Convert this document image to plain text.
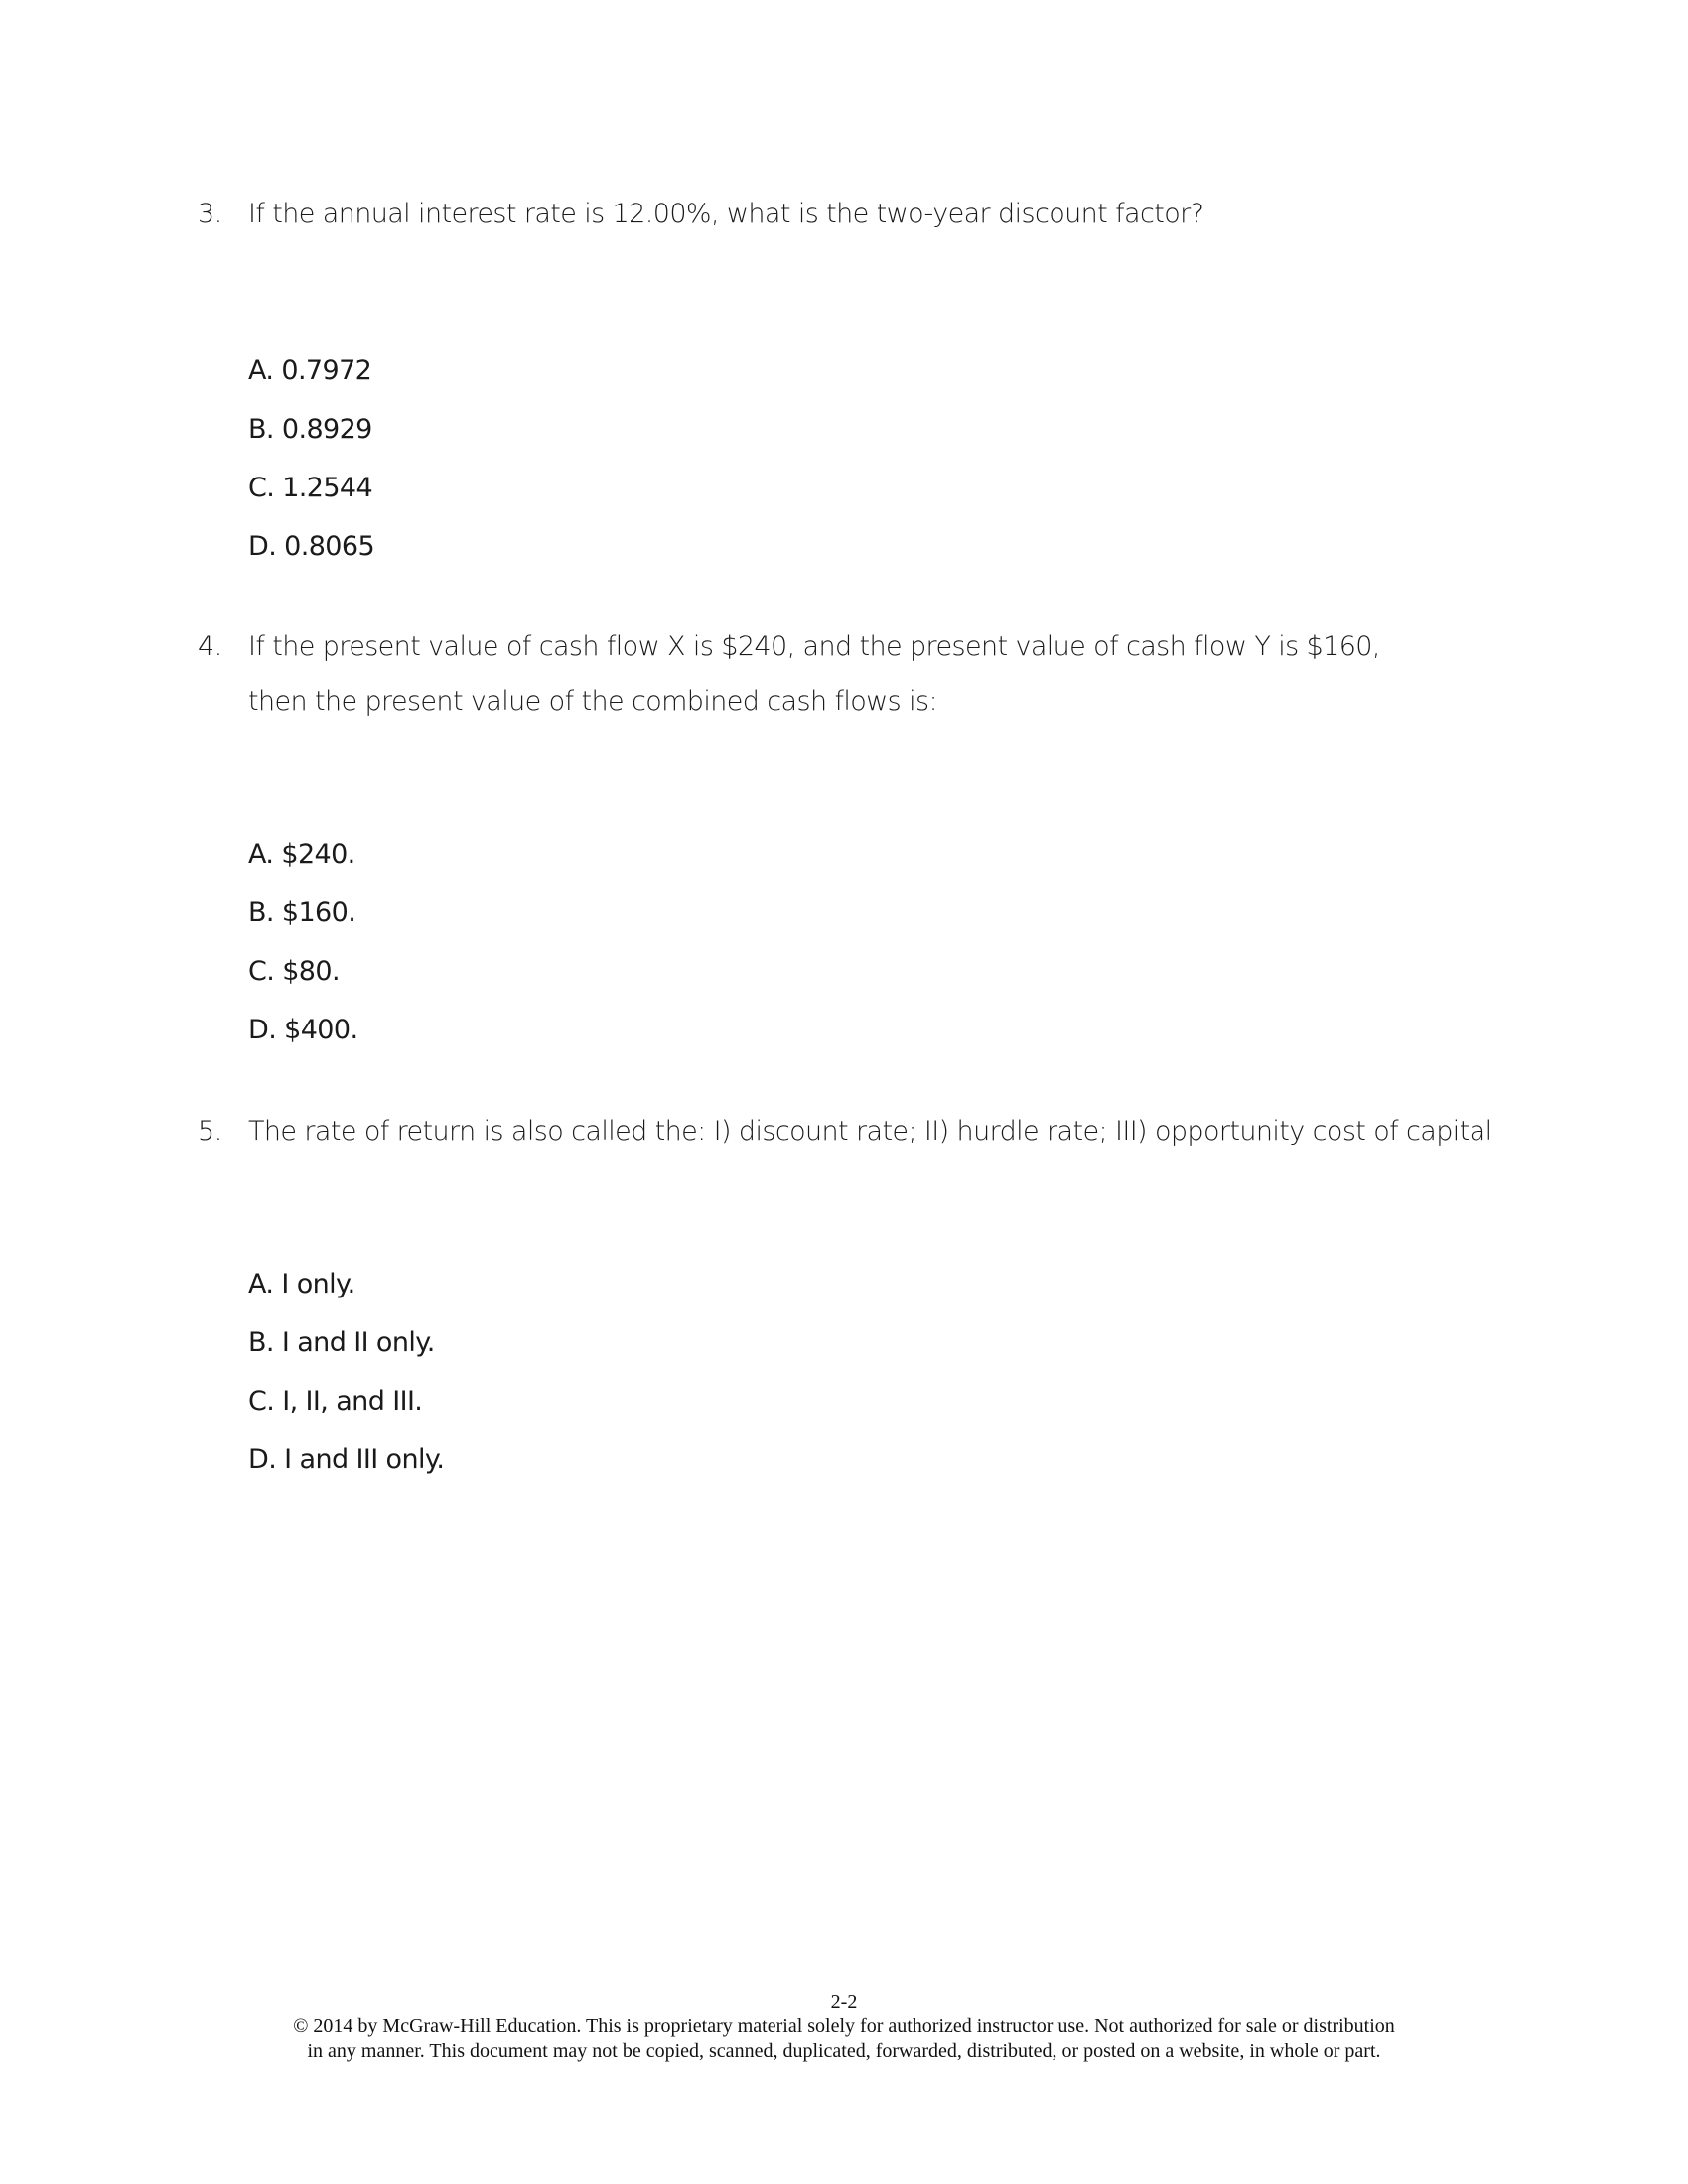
3. If the annual interest rate is 12.00%, what is the two-year discount factor?
A. 0.7972
B. 0.8929
C. 1.2544
D. 0.8065
4. If the present value of cash flow X is $240, and the present value of cash flow Y is $160, then the present value of the combined cash flows is:
A. $240.
B. $160.
C. $80.
D. $400.
5. The rate of return is also called the: I) discount rate; II) hurdle rate; III) opportunity cost of capital
A. I only.
B. I and II only.
C. I, II, and III.
D. I and III only.
2-2
© 2014 by McGraw-Hill Education. This is proprietary material solely for authorized instructor use. Not authorized for sale or distribution
in any manner. This document may not be copied, scanned, duplicated, forwarded, distributed, or posted on a website, in whole or part.
